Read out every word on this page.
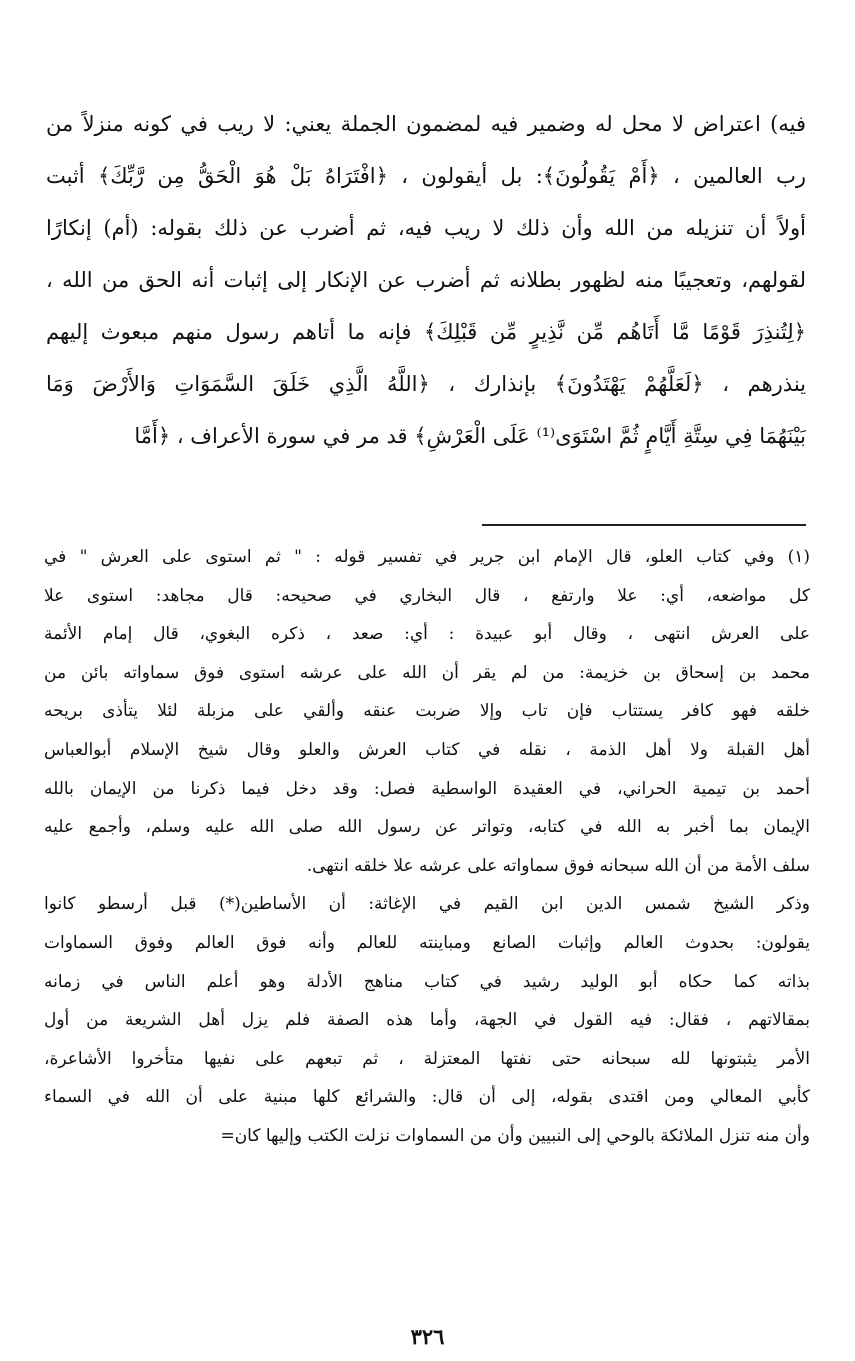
فيه) اعتراض لا محل له وضمير فيه لمضمون الجملة يعني: لا ريب في كونه منزلاً من
رب العالمين ، ﴿أَمْ يَقُولُونَ﴾: بل أيقولون ، ﴿افْتَرَاهُ بَلْ هُوَ الْحَقُّ مِن رَّبِّكَ﴾ أثبت
أولاً أن تنزيله من الله وأن ذلك لا ريب فيه، ثم أضرب عن ذلك بقوله: (أم) إنكارًا
لقولهم، وتعجيبًا منه لظهور بطلانه ثم أضرب عن الإنكار إلى إثبات أنه الحق من الله ،
﴿لِتُنذِرَ قَوْمًا مَّا أَتَاهُم مِّن نَّذِيرٍ مِّن قَبْلِكَ﴾ فإنه ما أتاهم رسول منهم مبعوث إليهم
ينذرهم ، ﴿لَعَلَّهُمْ يَهْتَدُونَ﴾ بإنذارك ، ﴿اللَّهُ الَّذِي خَلَقَ السَّمَوَاتِ وَالأَرْضَ وَمَا
بَيْنَهُمَا فِي سِتَّةِ أَيَّامٍ ثُمَّ اسْتَوَى⁽¹⁾ عَلَى الْعَرْشِ﴾ قد مر في سورة الأعراف ، ﴿أَمَّا
(١) وفي كتاب العلو، قال الإمام ابن جرير في تفسير قوله : " ثم استوى على العرش " في
كل مواضعه، أي: علا وارتفع ، قال البخاري في صحيحه: قال مجاهد: استوى علا
على العرش انتهى ، وقال أبو عبيدة : أي: صعد ، ذكره البغوي، قال إمام الأئمة
محمد بن إسحاق بن خزيمة: من لم يقر أن الله على عرشه استوى فوق سماواته بائن من
خلقه فهو كافر يستتاب فإن تاب وإلا ضربت عنقه وألقي على مزبلة لئلا يتأذى بريحه
أهل القبلة ولا أهل الذمة ، نقله في كتاب العرش والعلو وقال شيخ الإسلام أبوالعباس
أحمد بن تيمية الحراني، في العقيدة الواسطية فصل: وقد دخل فيما ذكرنا من الإيمان بالله
الإيمان بما أخبر به الله في كتابه، وتواتر عن رسول الله صلى الله عليه وسلم، وأجمع عليه
سلف الأمة من أن الله سبحانه فوق سماواته على عرشه علا خلقه انتهى.
وذكر الشيخ شمس الدين ابن القيم في الإغاثة: أن الأساطين(*) قبل أرسطو كانوا
يقولون: بحدوث العالم وإثبات الصانع ومباينته للعالم وأنه فوق العالم وفوق السماوات
بذاته كما حكاه أبو الوليد رشيد في كتاب مناهج الأدلة وهو أعلم الناس في زمانه
بمقالاتهم ، فقال: فيه القول في الجهة، وأما هذه الصفة فلم يزل أهل الشريعة من أول
الأمر يثبتونها لله سبحانه حتى نفتها المعتزلة ، ثم تبعهم على نفيها متأخروا الأشاعرة،
كأبي المعالي ومن اقتدى بقوله، إلى أن قال: والشرائع كلها مبنية على أن الله في السماء
وأن منه تنزل الملائكة بالوحي إلى النبيين وأن من السماوات نزلت الكتب وإليها كان=
٣٢٦
